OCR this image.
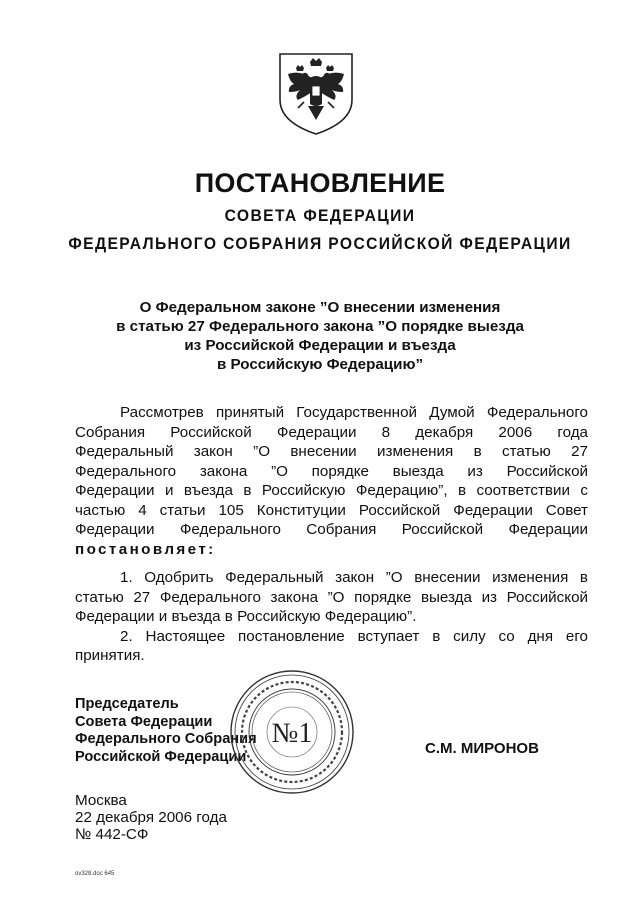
ПОСТАНОВЛЕНИЕ
СОВЕТА ФЕДЕРАЦИИ
ФЕДЕРАЛЬНОГО СОБРАНИЯ РОССИЙСКОЙ ФЕДЕРАЦИИ
О Федеральном законе ”О внесении изменения
в статью 27 Федерального закона ”О порядке выезда
из Российской Федерации и въезда
в Российскую Федерацию”
Рассмотрев принятый Государственной Думой Федерального
Собрания Российской Федерации 8 декабря 2006 года
Федеральный закон ”О внесении изменения в статью 27
Федерального закона ”О порядке выезда из Российской
Федерации и въезда в Российскую Федерацию”, в соответствии с
частью 4 статьи 105 Конституции Российской Федерации Совет
Федерации Федерального Собрания Российской Федерации
постановляет:
1. Одобрить Федеральный закон ”О внесении изменения в
статью 27 Федерального закона ”О порядке выезда из Российской
Федерации и въезда в Российскую Федерацию”.
2. Настоящее постановление вступает в силу со дня его
принятия.
Председатель
Совета Федерации
Федерального Собрания
Российской Федерации
№1	С.М. МИРОНОВ
Москва
22 декабря 2006 года
№ 442-СФ
ov328.doc 645
